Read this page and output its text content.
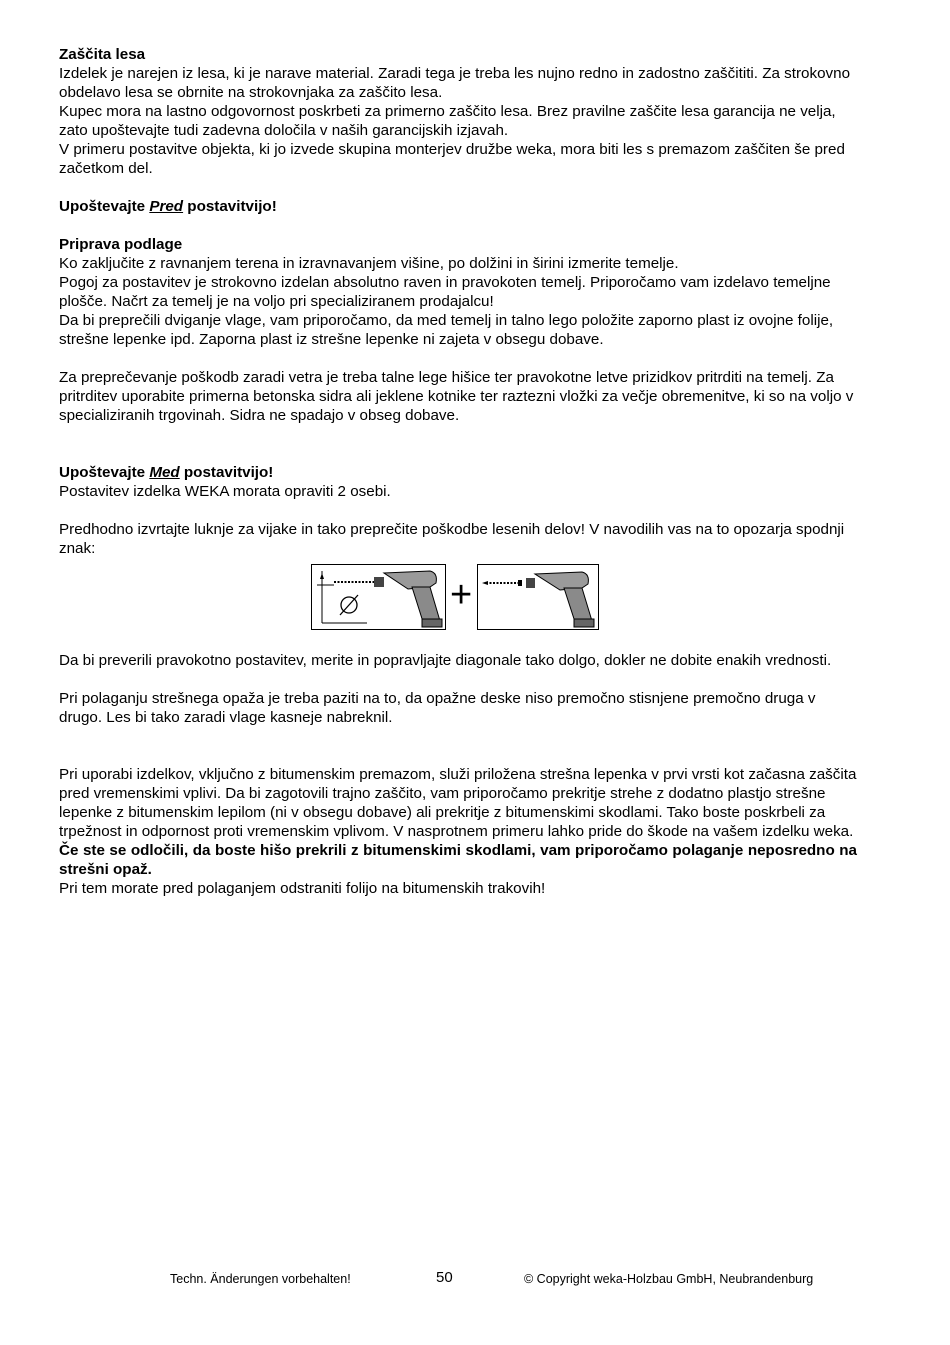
Zaščita lesa

Izdelek je narejen iz lesa, ki je narave material. Zaradi tega je treba les nujno redno in zadostno zaščititi. Za strokovno obdelavo lesa se obrnite na strokovnjaka za zaščito lesa.

Kupec mora na lastno odgovornost poskrbeti za primerno zaščito lesa. Brez pravilne zaščite lesa garancija ne velja, zato upoštevajte tudi zadevna določila v naših garancijskih izjavah.

V primeru postavitve objekta, ki jo izvede skupina monterjev družbe weka, mora biti les s premazom zaščiten še pred začetkom del.

Upoštevajte Pred postavitvijo!

Priprava podlage

Ko zaključite z ravnanjem terena in izravnavanjem višine, po dolžini in širini izmerite temelje.

Pogoj za postavitev je strokovno izdelan absolutno raven in pravokoten temelj. Priporočamo vam izdelavo temeljne plošče. Načrt za temelj je na voljo pri specializiranem prodajalcu!

Da bi preprečili dviganje vlage, vam priporočamo, da med temelj in talno lego položite zaporno plast iz ovojne folije, strešne lepenke ipd. Zaporna plast iz strešne lepenke ni zajeta v obsegu dobave.

Za preprečevanje poškodb zaradi vetra je treba talne lege hišice ter pravokotne letve prizidkov pritrditi na temelj. Za pritrditev uporabite primerna betonska sidra ali jeklene kotnike ter raztezni vložki za večje obremenitve, ki so na voljo v specializiranih trgovinah. Sidra ne spadajo v obseg dobave.

Upoštevajte Med postavitvijo!

Postavitev izdelka WEKA morata opraviti 2 osebi.

Predhodno izvrtajte luknje za vijake in tako preprečite poškodbe lesenih delov! V navodilih vas na to opozarja spodnji znak:

+

Da bi preverili pravokotno postavitev, merite in popravljajte diagonale tako dolgo, dokler ne dobite enakih vrednosti.

Pri polaganju strešnega opaža je treba paziti na to, da opažne deske niso premočno stisnjene premočno druga v drugo. Les bi tako zaradi vlage kasneje nabreknil.

Pri uporabi izdelkov, vključno z bitumenskim premazom, služi priložena strešna lepenka v prvi vrsti kot začasna zaščita pred vremenskimi vplivi. Da bi zagotovili trajno zaščito, vam priporočamo prekritje strehe z dodatno plastjo strešne lepenke z bitumenskim lepilom (ni v obsegu dobave) ali prekritje z bitumenskimi skodlami. Tako boste poskrbeli za trpežnost in odpornost proti vremenskim vplivom. V nasprotnem primeru lahko pride do škode na vašem izdelku weka.

Če ste se odločili, da boste hišo prekrili z bitumenskimi skodlami, vam priporočamo polaganje neposredno na strešni opaž.

Pri tem morate pred polaganjem odstraniti folijo na bitumenskih trakovih!

Techn. Änderungen vorbehalten!	50	© Copyright weka-Holzbau GmbH, Neubrandenburg
